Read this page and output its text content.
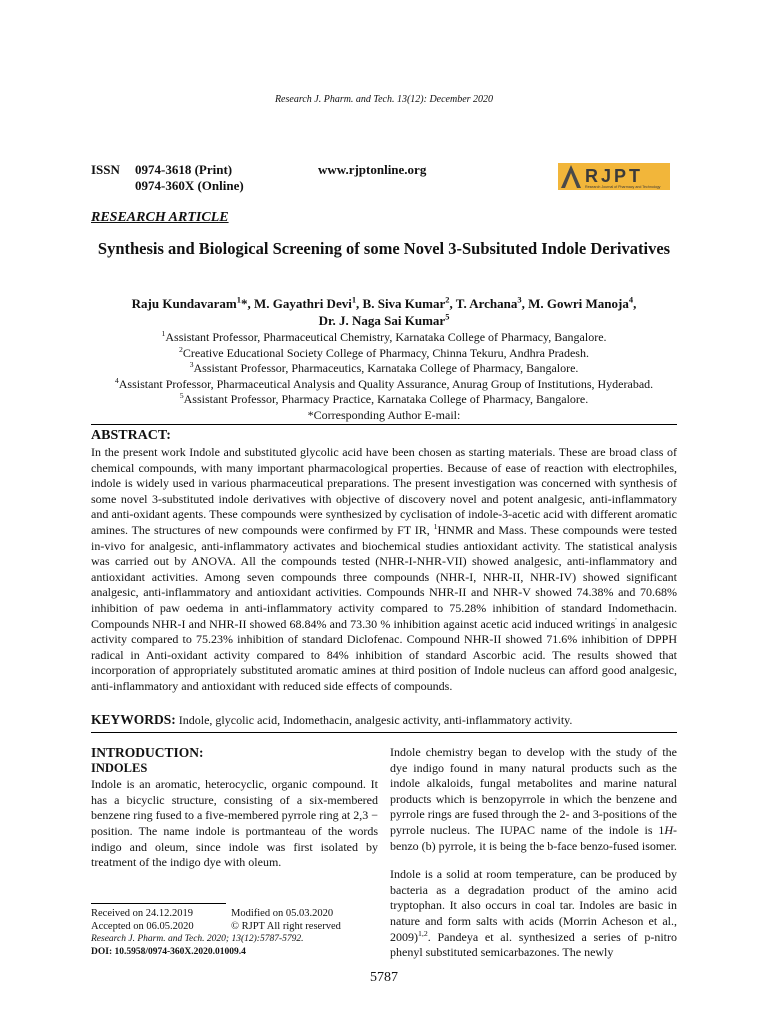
Research J. Pharm. and Tech. 13(12): December 2020
ISSN 0974-3618 (Print)
0974-360X (Online)
www.rjptonline.org	RJPT
Research Journal of Pharmacy and Technology
RESEARCH ARTICLE
Synthesis and Biological Screening of some Novel 3-Subsituted Indole Derivatives
Raju Kundavaram$^1$*, M. Gayathri Devi$^1$, B. Siva Kumar$^2$, T. Archana$^3$, M. Gowri Manoja$^4$,
Dr. J. Naga Sai Kumar$^5$
$^1$Assistant Professor, Pharmaceutical Chemistry, Karnataka College of Pharmacy, Bangalore.
$^2$Creative Educational Society College of Pharmacy, Chinna Tekuru, Andhra Pradesh.
$^3$Assistant Professor, Pharmaceutics, Karnataka College of Pharmacy, Bangalore.
$^4$Assistant Professor, Pharmaceutical Analysis and Quality Assurance, Anurag Group of Institutions, Hyderabad.
$^5$Assistant Professor, Pharmacy Practice, Karnataka College of Pharmacy, Bangalore.
*Corresponding Author E-mail:
ABSTRACT:
In the present work Indole and substituted glycolic acid have been chosen as starting materials. These are broad class of chemical compounds, with many important pharmacological properties. Because of ease of reaction with electrophiles, indole is widely used in various pharmaceutical preparations. The present investigation was concerned with synthesis of some novel 3-substituted indole derivatives with objective of discovery novel and potent analgesic, anti-inflammatory and anti-oxidant agents. These compounds were synthesized by cyclisation of indole-3-acetic acid with different aromatic amines. The structures of new compounds were confirmed by FT IR, $^1$HNMR and Mass. These compounds were tested in-vivo for analgesic, anti-inflammatory activates and biochemical studies antioxidant activity. The statistical analysis was carried out by ANOVA. All the compounds tested (NHR-I-NHR-VII) showed analgesic, anti-inflammatory and antioxidant activities. Among seven compounds three compounds (NHR-I, NHR-II, NHR-IV) showed significant analgesic, anti-inflammatory and antioxidant activities. Compounds NHR-II and NHR-V showed 74.38% and 70.68% inhibition of paw oedema in anti-inflammatory activity compared to 75.28% inhibition of standard Indomethacin. Compounds NHR-I and NHR-II showed 68.84% and 73.30 % inhibition against acetic acid induced writings' in analgesic activity compared to 75.23% inhibition of standard Diclofenac. Compound NHR-II showed 71.6% inhibition of DPPH radical in Anti-oxidant activity compared to 84% inhibition of standard Ascorbic acid. The results showed that incorporation of appropriately substituted aromatic amines at third position of Indole nucleus can afford good analgesic, anti-inflammatory and antioxidant with reduced side effects of compounds.
KEYWORDS: Indole, glycolic acid, Indomethacin, analgesic activity, anti-inflammatory activity.
INTRODUCTION:
INDOLES

Indole is an aromatic, heterocyclic, organic compound. It has a bicyclic structure, consisting of a six-membered benzene ring fused to a five-membered pyrrole ring at 2,3 − position. The name indole is portmanteau of the words indigo and oleum, since indole was first isolated by treatment of the indigo dye with oleum.

Indole chemistry began to develop with the study of the dye indigo found in many natural products such as the indole alkaloids, fungal metabolites and marine natural products which is benzopyrrole in which the benzene and pyrrole rings are fused through the 2- and 3-positions of the pyrrole nucleus. The IUPAC name of the indole is 1H-benzo (b) pyrrole, it is being the b-face benzo-fused isomer.

Indole is a solid at room temperature, can be produced by bacteria as a degradation product of the amino acid tryptophan. It also occurs in coal tar. Indoles are basic in nature and form salts with acids (Morrin Acheson et al., 2009)$^{1,2}$. Pandeya et al. synthesized a series of p-nitro phenyl substituted semicarbazones. The newly

Received on 24.12.2019	Modified on 05.03.2020
Accepted on 06.05.2020	© RJPT All right reserved
Research J. Pharm. and Tech. 2020; 13(12):5787-5792.
DOI: 10.5958/0974-360X.2020.01009.4
5787
